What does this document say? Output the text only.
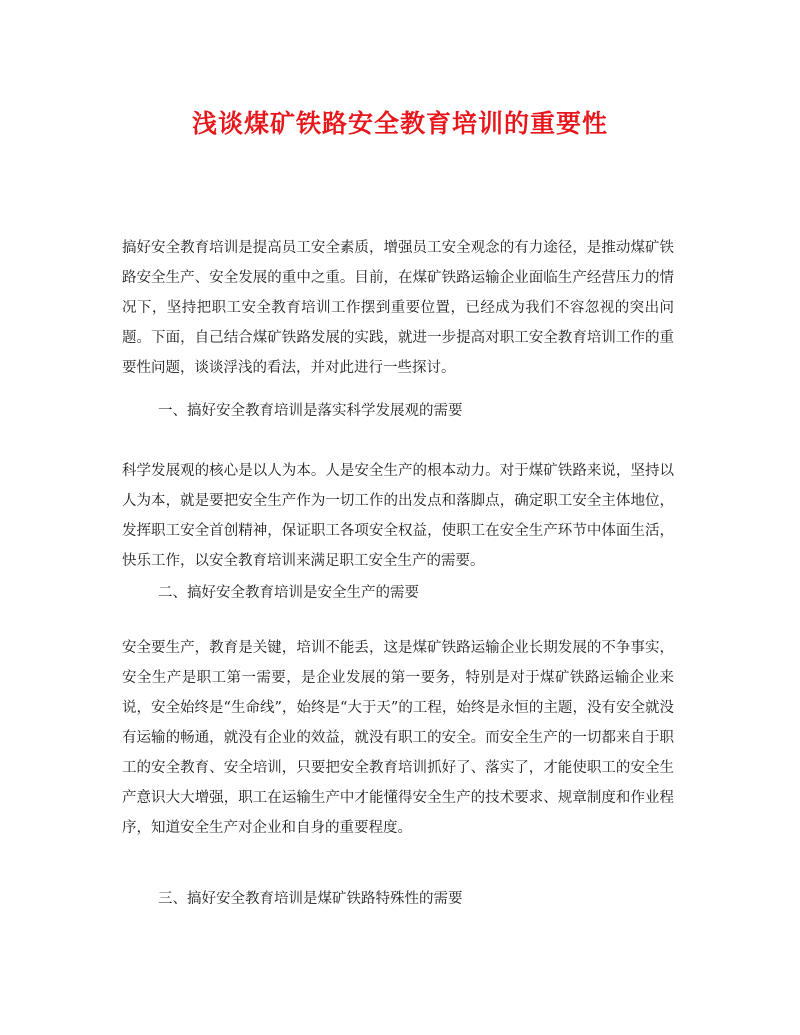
浅谈煤矿铁路安全教育培训的重要性

搞好安全教育培训是提高员工安全素质，增强员工安全观念的有力途径，是推动煤矿铁路安全生产、安全发展的重中之重。目前，在煤矿铁路运输企业面临生产经营压力的情况下，坚持把职工安全教育培训工作摆到重要位置，已经成为我们不容忽视的突出问题。下面，自己结合煤矿铁路发展的实践，就进一步提高对职工安全教育培训工作的重要性问题，谈谈浮浅的看法，并对此进行一些探讨。

一、搞好安全教育培训是落实科学发展观的需要

科学发展观的核心是以人为本。人是安全生产的根本动力。对于煤矿铁路来说，坚持以人为本，就是要把安全生产作为一切工作的出发点和落脚点，确定职工安全主体地位，发挥职工安全首创精神，保证职工各项安全权益，使职工在安全生产环节中体面生活，快乐工作，以安全教育培训来满足职工安全生产的需要。

二、搞好安全教育培训是安全生产的需要

安全要生产，教育是关键，培训不能丢，这是煤矿铁路运输企业长期发展的不争事实，安全生产是职工第一需要，是企业发展的第一要务，特别是对于煤矿铁路运输企业来说，安全始终是“生命线”，始终是“大于天”的工程，始终是永恒的主题，没有安全就没有运输的畅通，就没有企业的效益，就没有职工的安全。而安全生产的一切都来自于职工的安全教育、安全培训，只要把安全教育培训抓好了、落实了，才能使职工的安全生产意识大大增强，职工在运输生产中才能懂得安全生产的技术要求、规章制度和作业程序，知道安全生产对企业和自身的重要程度。

三、搞好安全教育培训是煤矿铁路特殊性的需要
